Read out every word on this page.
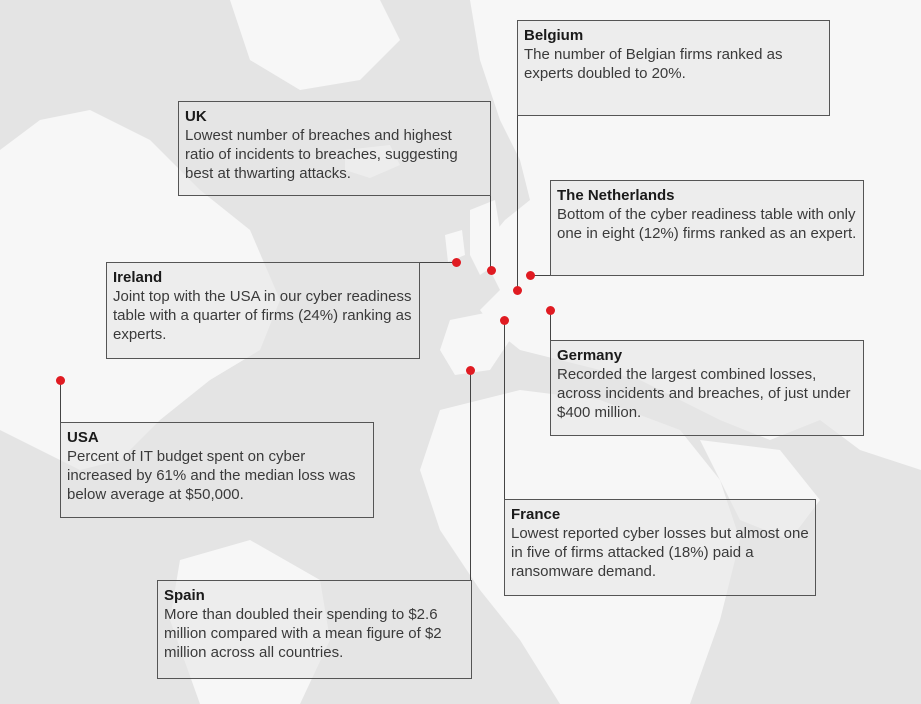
Belgium
The number of Belgian firms ranked as experts doubled to 20%.
UK
Lowest number of breaches and highest ratio of incidents to breaches, suggesting best at thwarting attacks.
The Netherlands
Bottom of the cyber readiness table with only one in eight (12%) firms ranked as an expert.
Ireland
Joint top with the USA in our cyber readiness table with a quarter of firms (24%) ranking as experts.
Germany
Recorded the largest combined losses, across incidents and breaches, of just under $400 million.
USA
Percent of IT budget spent on cyber increased by 61% and the median loss was below average at $50,000.
France
Lowest reported cyber losses but almost one in five of firms attacked (18%) paid a ransomware demand.
Spain
More than doubled their spending to $2.6 million compared with a mean figure of $2 million across all countries.
